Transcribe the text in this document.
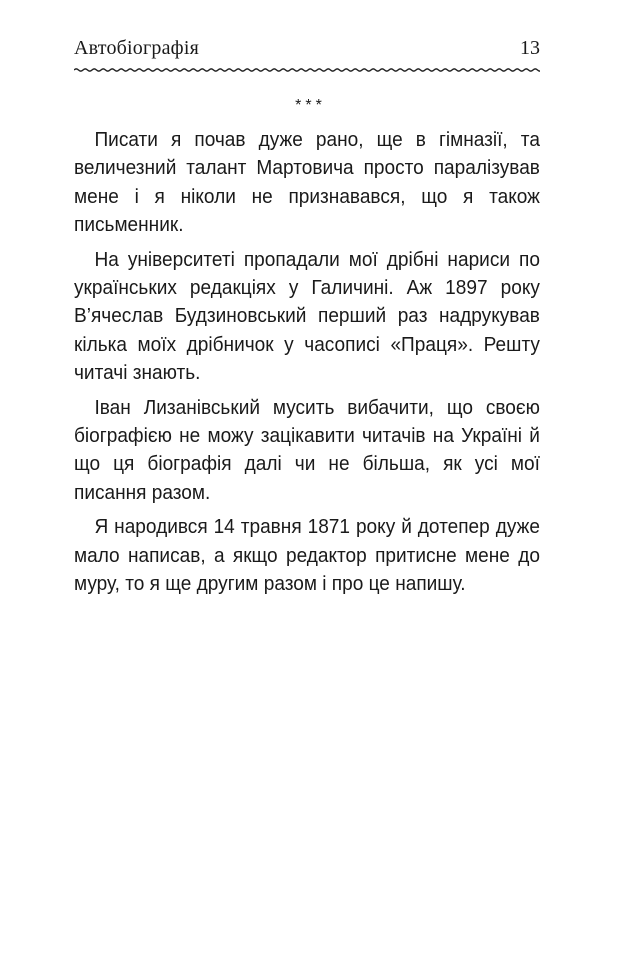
Автобіографія	13
***

Писати я почав дуже рано, ще в гімназії, та величезний талант Мартовича просто паралізував мене і я ніколи не признавався, що я також письменник.

На університеті пропадали мої дрібні нариси по українських редакціях у Галичині. Аж 1897 року В’ячеслав Будзиновський перший раз надрукував кілька моїх дрібничок у часописі «Праця». Решту читачі знають.

Іван Лизанівський мусить вибачити, що своєю біографією не можу зацікавити читачів на Україні й що ця біографія далі чи не більша, як усі мої писання разом.

Я народився 14 травня 1871 року й дотепер дуже мало написав, а якщо редактор притисне мене до муру, то я ще другим разом і про це напишу.
